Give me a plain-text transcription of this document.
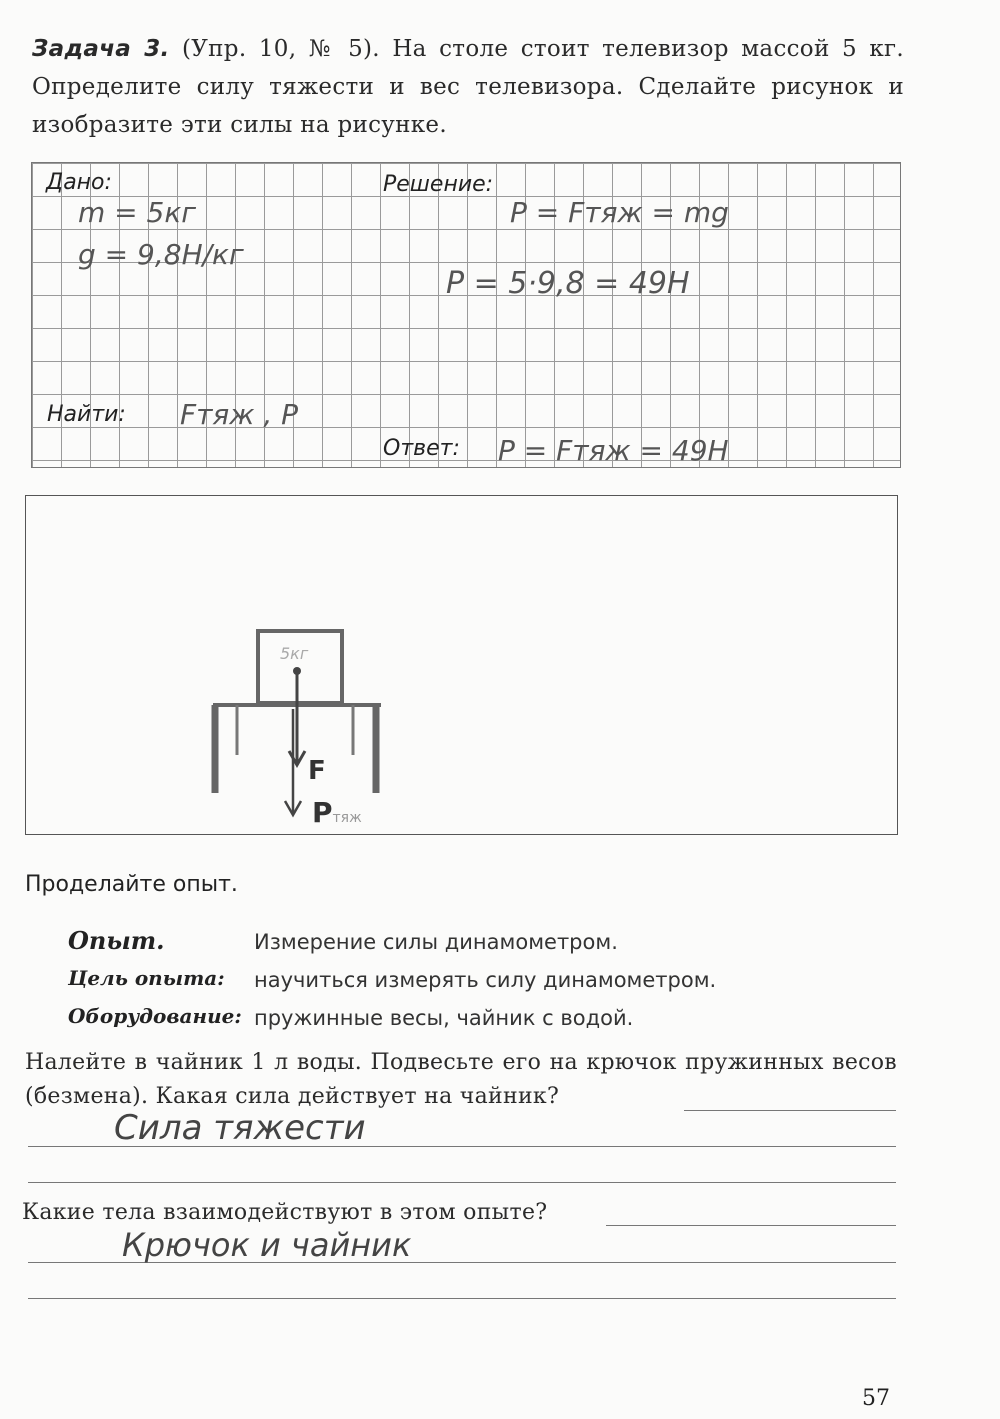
Задача 3. (Упр. 10, № 5). На столе стоит телевизор массой 5 кг. Определите силу тяжести и вес телевизора. Сделайте рисунок и изобразите эти силы на рисунке.
Дано:	Решение:
Найти:
Ответ:
m = 5кг
g = 9,8Н/кг
P = Fтяж = mg
P = 5·9,8 = 49Н
Fтяж , P
P = Fтяж = 49Н
5кг
F
Pтяж
Проделайте опыт.
Опыт.	Измерение силы динамометром.
Цель опыта: научиться измерять силу динамометром.
Оборудование: пружинные весы, чайник с водой.
Налейте в чайник 1 л воды. Подвесьте его на крючок пружинных весов (безмена). Какая сила действует на чайник?
Сила тяжести
Какие тела взаимодействуют в этом опыте?
Крючок и чайник
57
